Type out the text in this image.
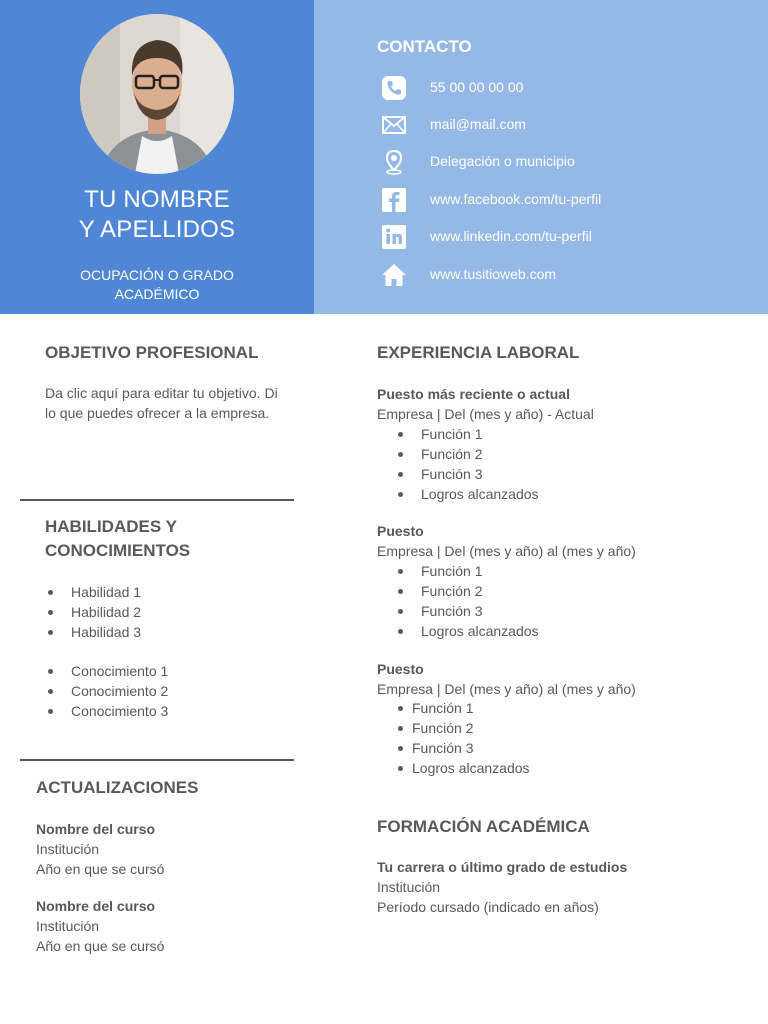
TU NOMBRE
Y APELLIDOS
OCUPACIÓN O GRADO
ACADÉMICO
CONTACTO
55 00 00 00 00
mail@mail.com
Delegación o municipio
www.facebook.com/tu-perfil
www.linkedin.com/tu-perfil
www.tusitioweb.com
OBJETIVO PROFESIONAL
Da clic aquí para editar tu objetivo. Di
lo que puedes ofrecer a la empresa.
HABILIDADES Y
CONOCIMIENTOS
Habilidad 1
Habilidad 2
Habilidad 3
Conocimiento 1
Conocimiento 2
Conocimiento 3
ACTUALIZACIONES
Nombre del curso
Institución
Año en que se cursó
Nombre del curso
Institución
Año en que se cursó
EXPERIENCIA LABORAL
Puesto más reciente o actual
Empresa | Del (mes y año) - Actual
Función 1
Función 2
Función 3
Logros alcanzados
Puesto
Empresa | Del (mes y año) al (mes y año)
Función 1
Función 2
Función 3
Logros alcanzados
Puesto
Empresa | Del (mes y año) al (mes y año)
Función 1
Función 2
Función 3
Logros alcanzados
FORMACIÓN ACADÉMICA
Tu carrera o último grado de estudios
Institución
Período cursado (indicado en años)
